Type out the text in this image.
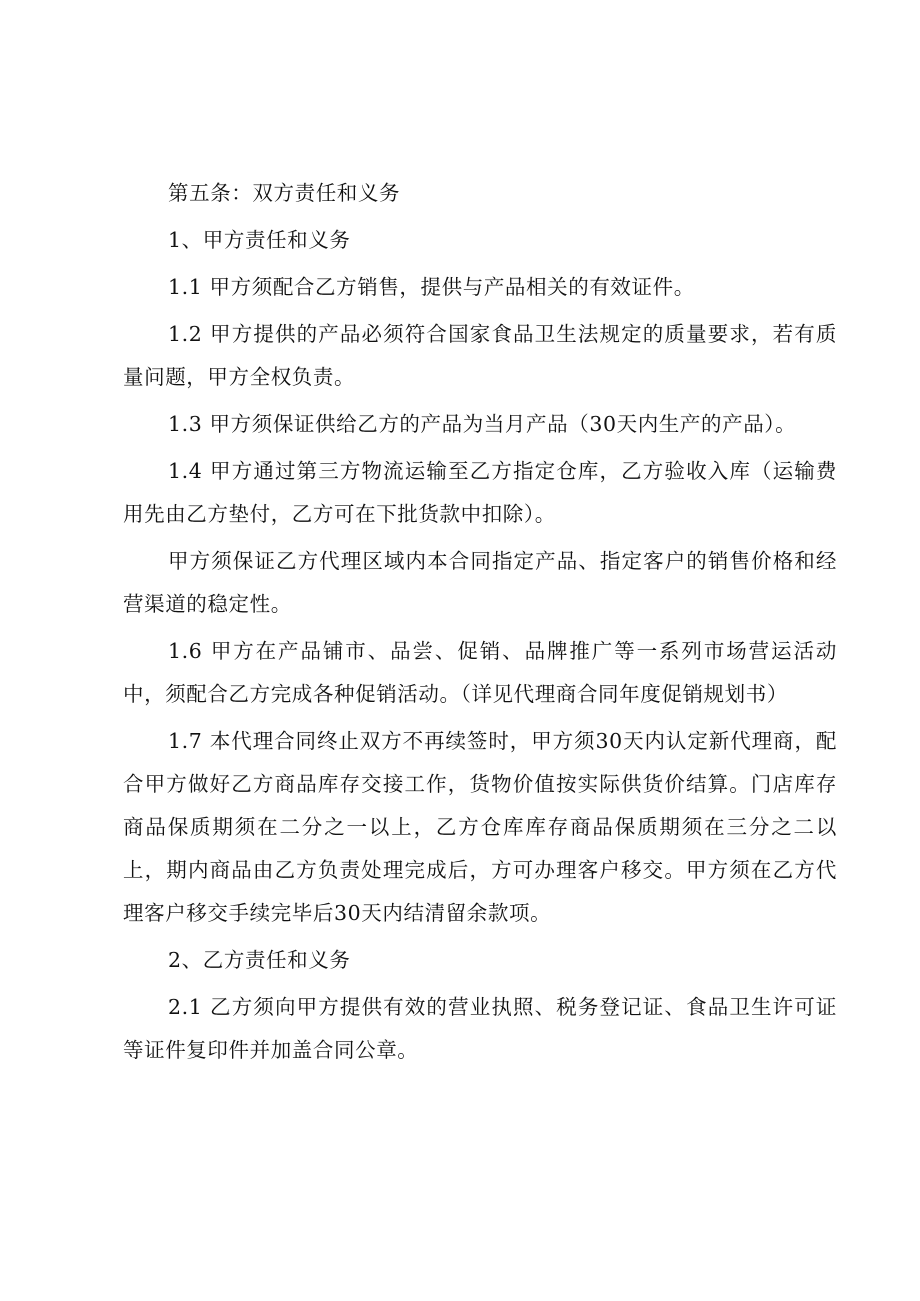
第五条：双方责任和义务

1、甲方责任和义务

1.1 甲方须配合乙方销售，提供与产品相关的有效证件。

1.2 甲方提供的产品必须符合国家食品卫生法规定的质量要求，若有质量问题，甲方全权负责。

1.3 甲方须保证供给乙方的产品为当月产品（30天内生产的产品）。

1.4 甲方通过第三方物流运输至乙方指定仓库，乙方验收入库（运输费用先由乙方垫付，乙方可在下批货款中扣除）。

甲方须保证乙方代理区域内本合同指定产品、指定客户的销售价格和经营渠道的稳定性。

1.6 甲方在产品铺市、品尝、促销、品牌推广等一系列市场营运活动中，须配合乙方完成各种促销活动。（详见代理商合同年度促销规划书）

1.7 本代理合同终止双方不再续签时，甲方须30天内认定新代理商，配合甲方做好乙方商品库存交接工作，货物价值按实际供货价结算。门店库存商品保质期须在二分之一以上，乙方仓库库存商品保质期须在三分之二以上，期内商品由乙方负责处理完成后，方可办理客户移交。甲方须在乙方代理客户移交手续完毕后30天内结清留余款项。

2、乙方责任和义务

2.1 乙方须向甲方提供有效的营业执照、税务登记证、食品卫生许可证等证件复印件并加盖合同公章。
